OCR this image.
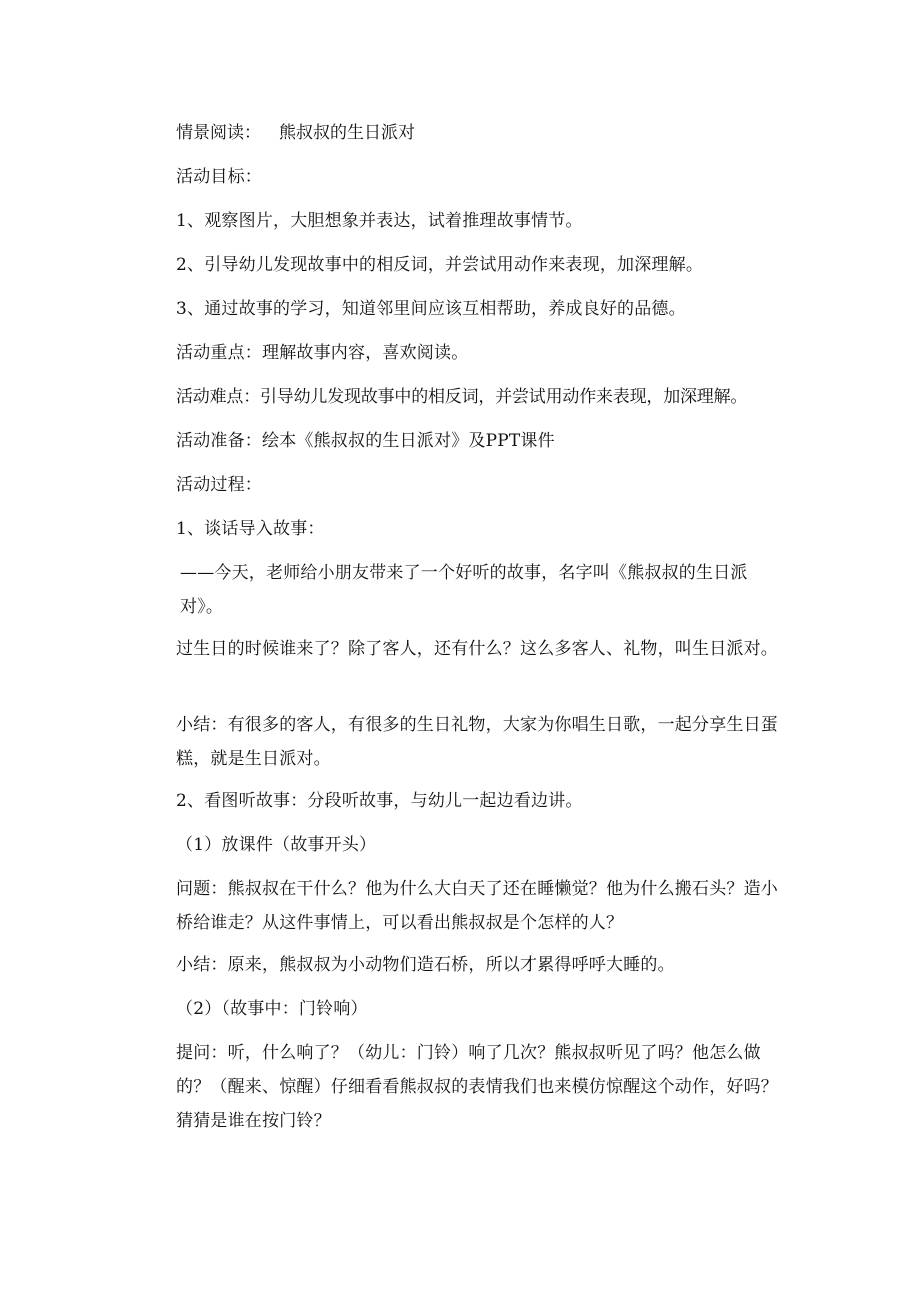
情景阅读： 熊叔叔的生日派对

活动目标：

1、观察图片，大胆想象并表达，试着推理故事情节。

2、引导幼儿发现故事中的相反词，并尝试用动作来表现，加深理解。

3、通过故事的学习，知道邻里间应该互相帮助，养成良好的品德。

活动重点：理解故事内容，喜欢阅读。

活动难点：引导幼儿发现故事中的相反词，并尝试用动作来表现，加深理解。

活动准备：绘本《熊叔叔的生日派对》及PPT课件

活动过程：

1、谈话导入故事：

——今天，老师给小朋友带来了一个好听的故事，名字叫《熊叔叔的生日派对》。

过生日的时候谁来了？除了客人，还有什么？这么多客人、礼物，叫生日派对。

小结：有很多的客人，有很多的生日礼物，大家为你唱生日歌，一起分享生日蛋糕，就是生日派对。

2、看图听故事：分段听故事，与幼儿一起边看边讲。

（1）放课件（故事开头）

问题：熊叔叔在干什么？他为什么大白天了还在睡懒觉？他为什么搬石头？造小桥给谁走？从这件事情上，可以看出熊叔叔是个怎样的人？

小结：原来，熊叔叔为小动物们造石桥，所以才累得呼呼大睡的。

（2）（故事中：门铃响）

提问：听，什么响了？（幼儿：门铃）响了几次？熊叔叔听见了吗？他怎么做的？（醒来、惊醒）仔细看看熊叔叔的表情我们也来模仿惊醒这个动作，好吗？猜猜是谁在按门铃？
